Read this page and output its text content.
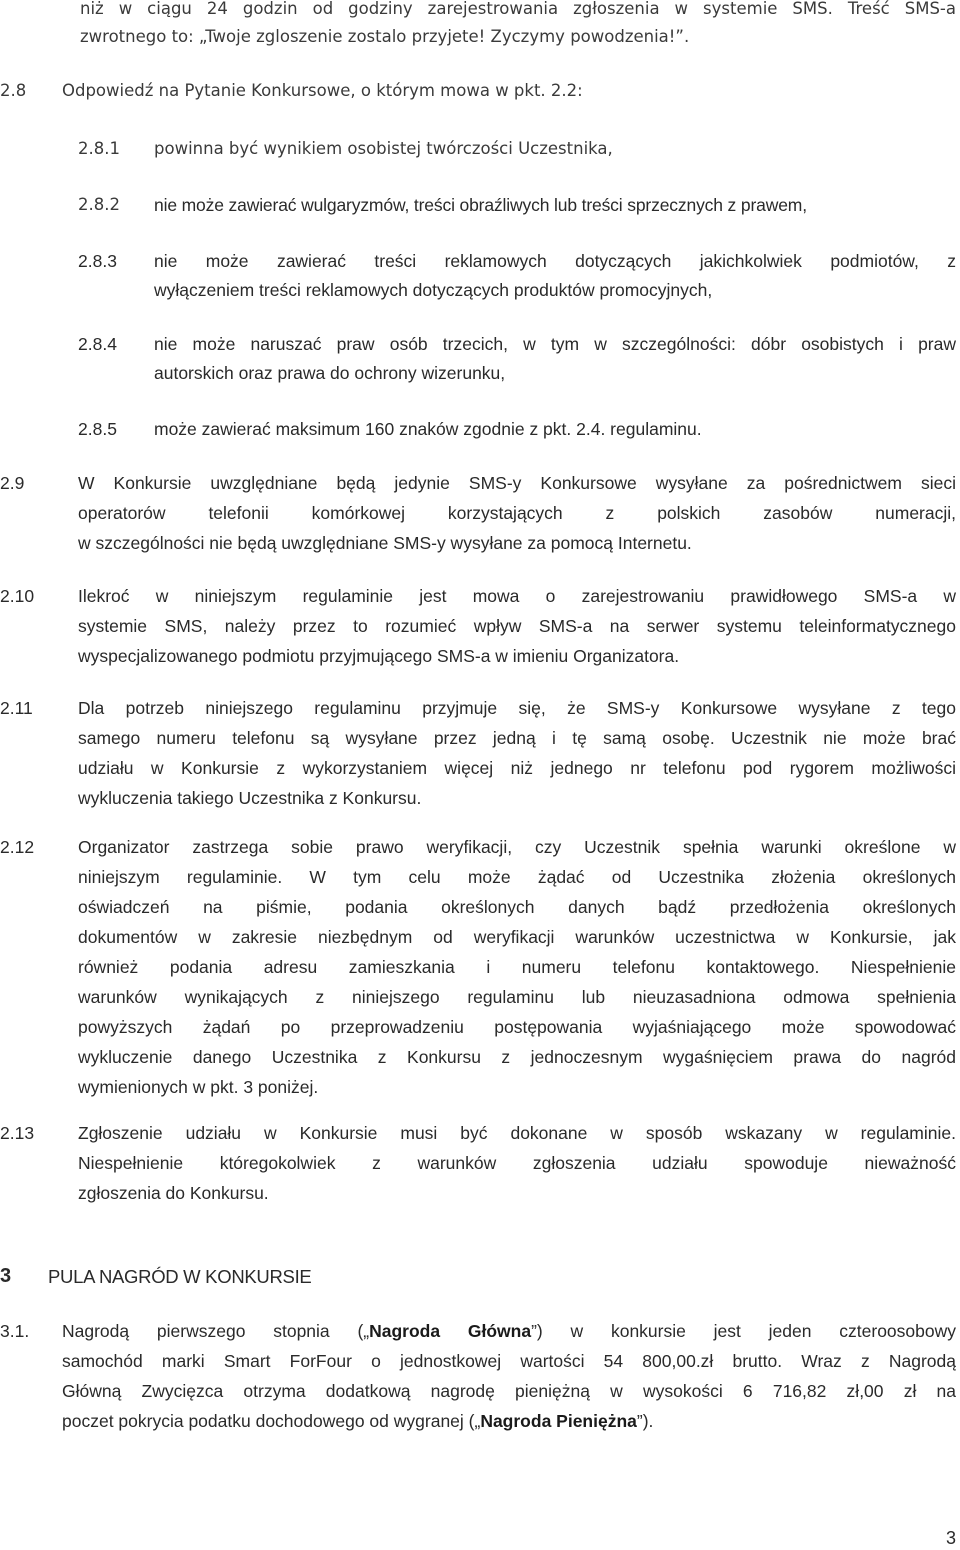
niż w ciągu 24 godzin od godziny zarejestrowania zgłoszenia w systemie SMS. Treść SMS-a
zwrotnego to: „Twoje zgloszenie zostalo przyjete! Zyczymy powodzenia!”.
2.8 Odpowiedź na Pytanie Konkursowe, o którym mowa w pkt. 2.2:
2.8.1 powinna być wynikiem osobistej twórczości Uczestnika,
2.8.2 nie może zawierać wulgaryzmów, treści obraźliwych lub treści sprzecznych z prawem,
2.8.3 nie może zawierać treści reklamowych dotyczących jakichkolwiek podmiotów, z
wyłączeniem treści reklamowych dotyczących produktów promocyjnych,
2.8.4 nie może naruszać praw osób trzecich, w tym w szczególności: dóbr osobistych i praw
autorskich oraz prawa do ochrony wizerunku,
2.8.5 może zawierać maksimum 160 znaków zgodnie z pkt. 2.4. regulaminu.
2.9	W Konkursie uwzględniane będą jedynie SMS-y Konkursowe wysyłane za pośrednictwem sieci
operatorów telefonii komórkowej korzystających z polskich zasobów numeracji,
w szczególności nie będą uwzględniane SMS-y wysyłane za pomocą Internetu.
2.10	Ilekroć w niniejszym regulaminie jest mowa o zarejestrowaniu prawidłowego SMS-a w
systemie SMS, należy przez to rozumieć wpływ SMS-a na serwer systemu teleinformatycznego
wyspecjalizowanego podmiotu przyjmującego SMS-a w imieniu Organizatora.
2.11	Dla potrzeb niniejszego regulaminu przyjmuje się, że SMS-y Konkursowe wysyłane z tego
samego numeru telefonu są wysyłane przez jedną i tę samą osobę. Uczestnik nie może brać
udziału w Konkursie z wykorzystaniem więcej niż jednego nr telefonu pod rygorem możliwości
wykluczenia takiego Uczestnika z Konkursu.
2.12	Organizator zastrzega sobie prawo weryfikacji, czy Uczestnik spełnia warunki określone w
niniejszym regulaminie. W tym celu może żądać od Uczestnika złożenia określonych
oświadczeń na piśmie, podania określonych danych bądź przedłożenia określonych
dokumentów w zakresie niezbędnym od weryfikacji warunków uczestnictwa w Konkursie, jak
również podania adresu zamieszkania i numeru telefonu kontaktowego. Niespełnienie
warunków wynikających z niniejszego regulaminu lub nieuzasadniona odmowa spełnienia
powyższych żądań po przeprowadzeniu postępowania wyjaśniającego może spowodować
wykluczenie danego Uczestnika z Konkursu z jednoczesnym wygaśnięciem prawa do nagród
wymienionych w pkt. 3 poniżej.
2.13	Zgłoszenie udziału w Konkursie musi być dokonane w sposób wskazany w regulaminie.
Niespełnienie któregokolwiek z warunków zgłoszenia udziału spowoduje nieważność
zgłoszenia do Konkursu.
3 PULA NAGRÓD W KONKURSIE
3.1. Nagrodą pierwszego stopnia („Nagroda Główna”) w konkursie jest jeden czteroosobowy
samochód marki Smart ForFour o jednostkowej wartości 54 800,00.zł brutto. Wraz z Nagrodą
Główną Zwycięzca otrzyma dodatkową nagrodę pieniężną w wysokości 6 716,82 zł,00 zł na
poczet pokrycia podatku dochodowego od wygranej („Nagroda Pieniężna”).
3
